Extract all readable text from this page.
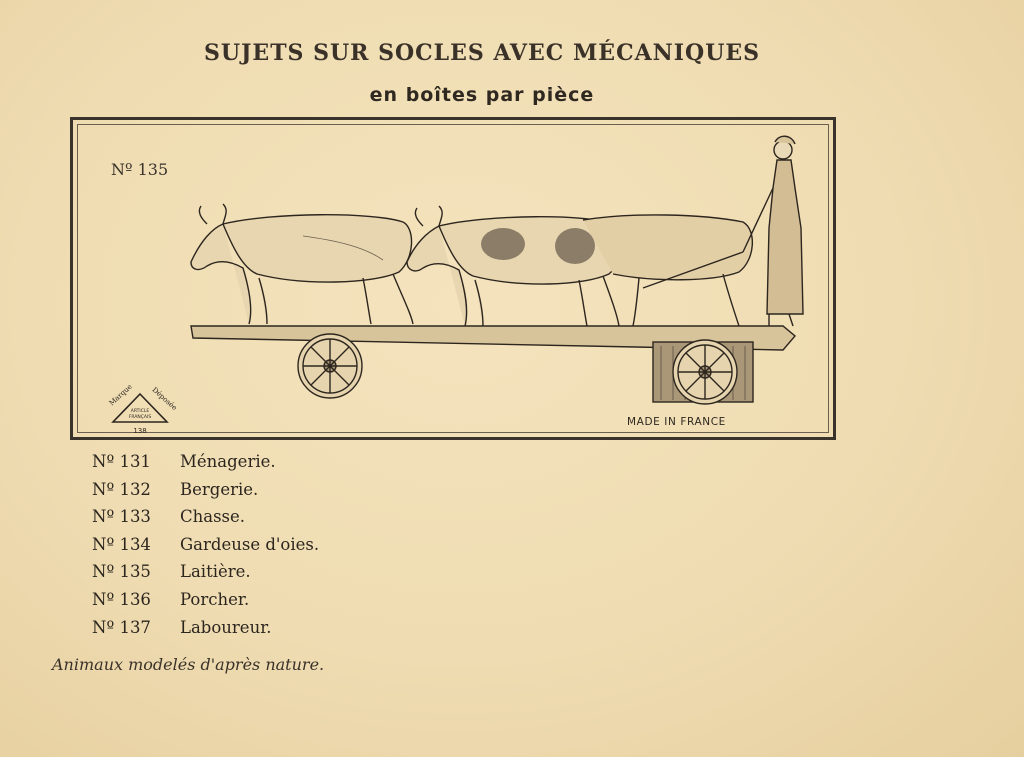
SUJETS SUR SOCLES AVEC MÉCANIQUES
en boîtes par pièce
Nº 135
Marque Déposée
ARTICLE
FRANÇAIS
138
MADE IN FRANCE
Nº 131	Ménagerie.
Nº 132	Bergerie.
Nº 133	Chasse.
Nº 134	Gardeuse d'oies.
Nº 135	Laitière.
Nº 136	Porcher.
Nº 137	Laboureur.
Animaux modelés d'après nature.
